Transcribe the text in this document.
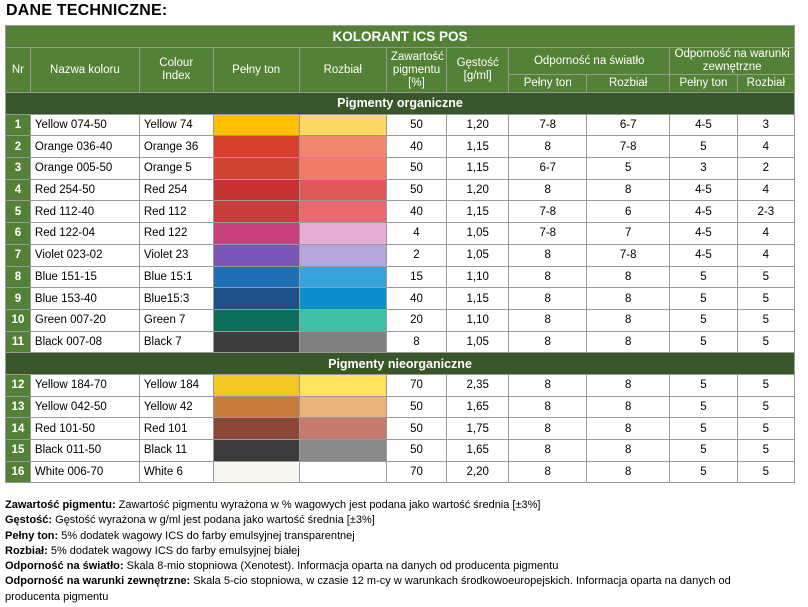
DANE TECHNICZNE:
KOLORANT ICS POS										
Nr	Nazwa koloru	Colour Index	Pełny ton	Rozbiał	Zawartość pigmentu [%]	Gęstość [g/ml]	Odporność na światło		Odporność na warunki zewnętrzne	
							Pełny ton	Rozbiał	Pełny ton	Rozbiał
Pigmenty organiczne										
1	Yellow 074-50	Yellow 74			50	1,20	7-8	6-7	4-5	3
2	Orange 036-40	Orange 36			40	1,15	8	7-8	5	4
3	Orange 005-50	Orange 5			50	1,15	6-7	5	3	2
4	Red 254-50	Red 254			50	1,20	8	8	4-5	4
5	Red 112-40	Red 112			40	1,15	7-8	6	4-5	2-3
6	Red 122-04	Red 122			4	1,05	7-8	7	4-5	4
7	Violet 023-02	Violet 23			2	1,05	8	7-8	4-5	4
8	Blue 151-15	Blue 15:1			15	1,10	8	8	5	5
9	Blue 153-40	Blue15:3			40	1,15	8	8	5	5
10	Green 007-20	Green 7			20	1,10	8	8	5	5
11	Black 007-08	Black 7			8	1,05	8	8	5	5
Pigmenty nieorganiczne										
12	Yellow 184-70	Yellow 184			70	2,35	8	8	5	5
13	Yellow 042-50	Yellow 42			50	1,65	8	8	5	5
14	Red 101-50	Red 101			50	1,75	8	8	5	5
15	Black 011-50	Black 11			50	1,65	8	8	5	5
16	White 006-70	White 6			70	2,20	8	8	5	5
Zawartość pigmentu: Zawartość pigmentu wyrażona w % wagowych jest podana jako wartość średnia [±3%]
Gęstość: Gęstość wyrażona w g/ml jest podana jako wartość średnia [±3%]
Pełny ton: 5% dodatek wagowy ICS do farby emulsyjnej transparentnej
Rozbiał: 5% dodatek wagowy ICS do farby emulsyjnej białej
Odporność na światło: Skala 8-mio stopniowa (Xenotest). Informacja oparta na danych od producenta pigmentu
Odporność na warunki zewnętrzne: Skala 5-cio stopniowa, w czasie 12 m-cy w warunkach środkowoeuropejskich. Informacja oparta na danych od
producenta pigmentu
